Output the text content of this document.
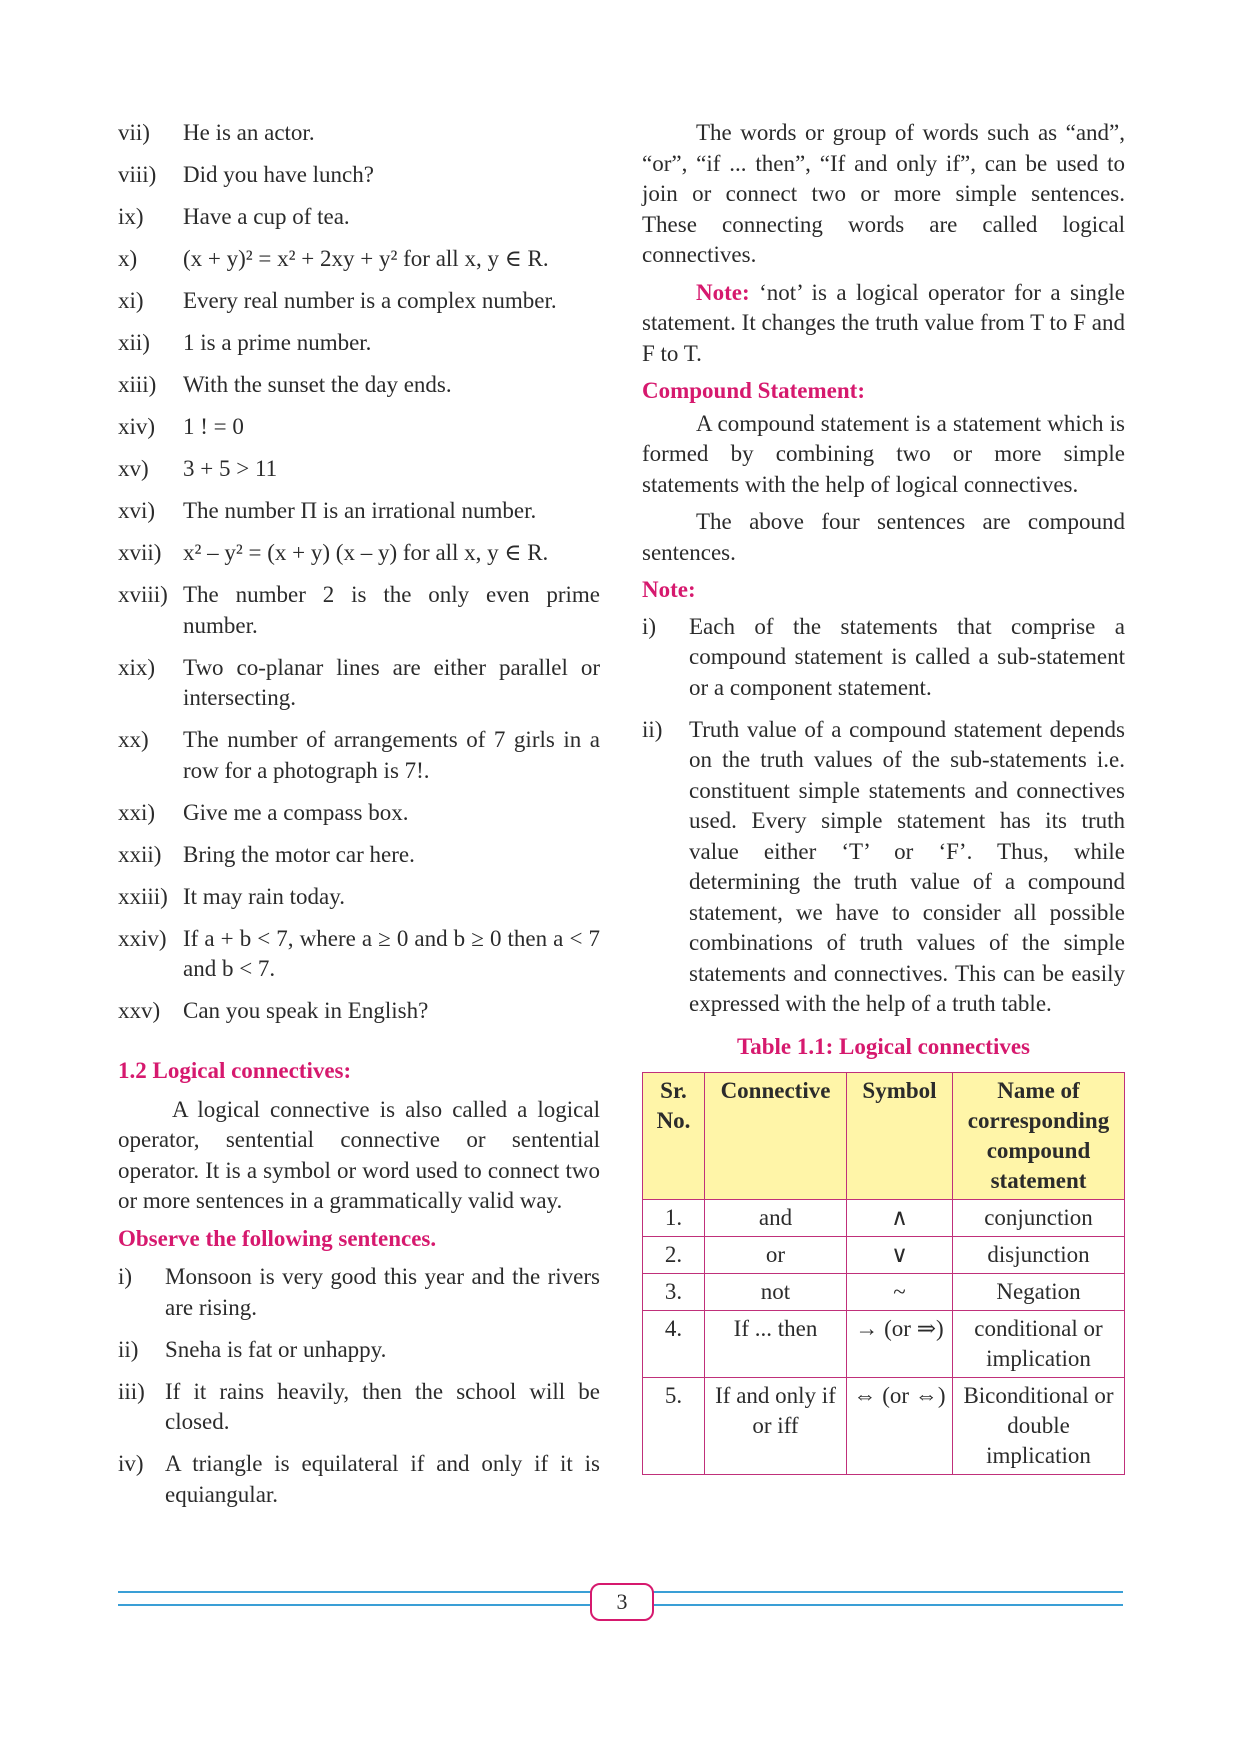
vii) He is an actor.
viii) Did you have lunch?
ix) Have a cup of tea.
x) (x + y)² = x² + 2xy + y² for all x, y ∈ R.
xi) Every real number is a complex number.
xii) 1 is a prime number.
xiii) With the sunset the day ends.
xiv) 1 ! = 0
xv) 3 + 5 > 11
xvi) The number Π is an irrational number.
xvii) x² – y² = (x + y) (x – y) for all x, y ∈ R.
xviii) The number 2 is the only even prime number.
xix) Two co-planar lines are either parallel or intersecting.
xx) The number of arrangements of 7 girls in a row for a photograph is 7!.
xxi) Give me a compass box.
xxii) Bring the motor car here.
xxiii) It may rain today.
xxiv) If a + b < 7, where a ≥ 0 and b ≥ 0 then a < 7 and b < 7.
xxv) Can you speak in English?
1.2 Logical connectives:

A logical connective is also called a logical operator, sentential connective or sentential operator. It is a symbol or word used to connect two or more sentences in a grammatically valid way.

Observe the following sentences.
i) Monsoon is very good this year and the rivers are rising.
ii) Sneha is fat or unhappy.
iii) If it rains heavily, then the school will be closed.
iv) A triangle is equilateral if and only if it is equiangular.

The words or group of words such as “and”, “or”, “if ... then”, “If and only if”, can be used to join or connect two or more simple sentences. These connecting words are called logical connectives.

Note: ‘not’ is a logical operator for a single statement. It changes the truth value from T to F and F to T.

Compound Statement:

A compound statement is a statement which is formed by combining two or more simple statements with the help of logical connectives.

The above four sentences are compound sentences.

Note:
i) Each of the statements that comprise a compound statement is called a sub-statement or a component statement.
ii) Truth value of a compound statement depends on the truth values of the sub-statements i.e. constituent simple statements and connectives used. Every simple statement has its truth value either ‘T’ or ‘F’. Thus, while determining the truth value of a compound statement, we have to consider all possible combinations of truth values of the simple statements and connectives. This can be easily expressed with the help of a truth table.
Table 1.1: Logical connectives
Sr. No.	Connective	Symbol	Name of corresponding compound statement
1.	and	∧	conjunction
2.	or	∨	disjunction
3.	not	~	Negation
4.	If ... then	→ (or ⇒)	conditional or implication
5.	If and only if or iff	⇔ (or ⇔)	Biconditional or double implication
3
